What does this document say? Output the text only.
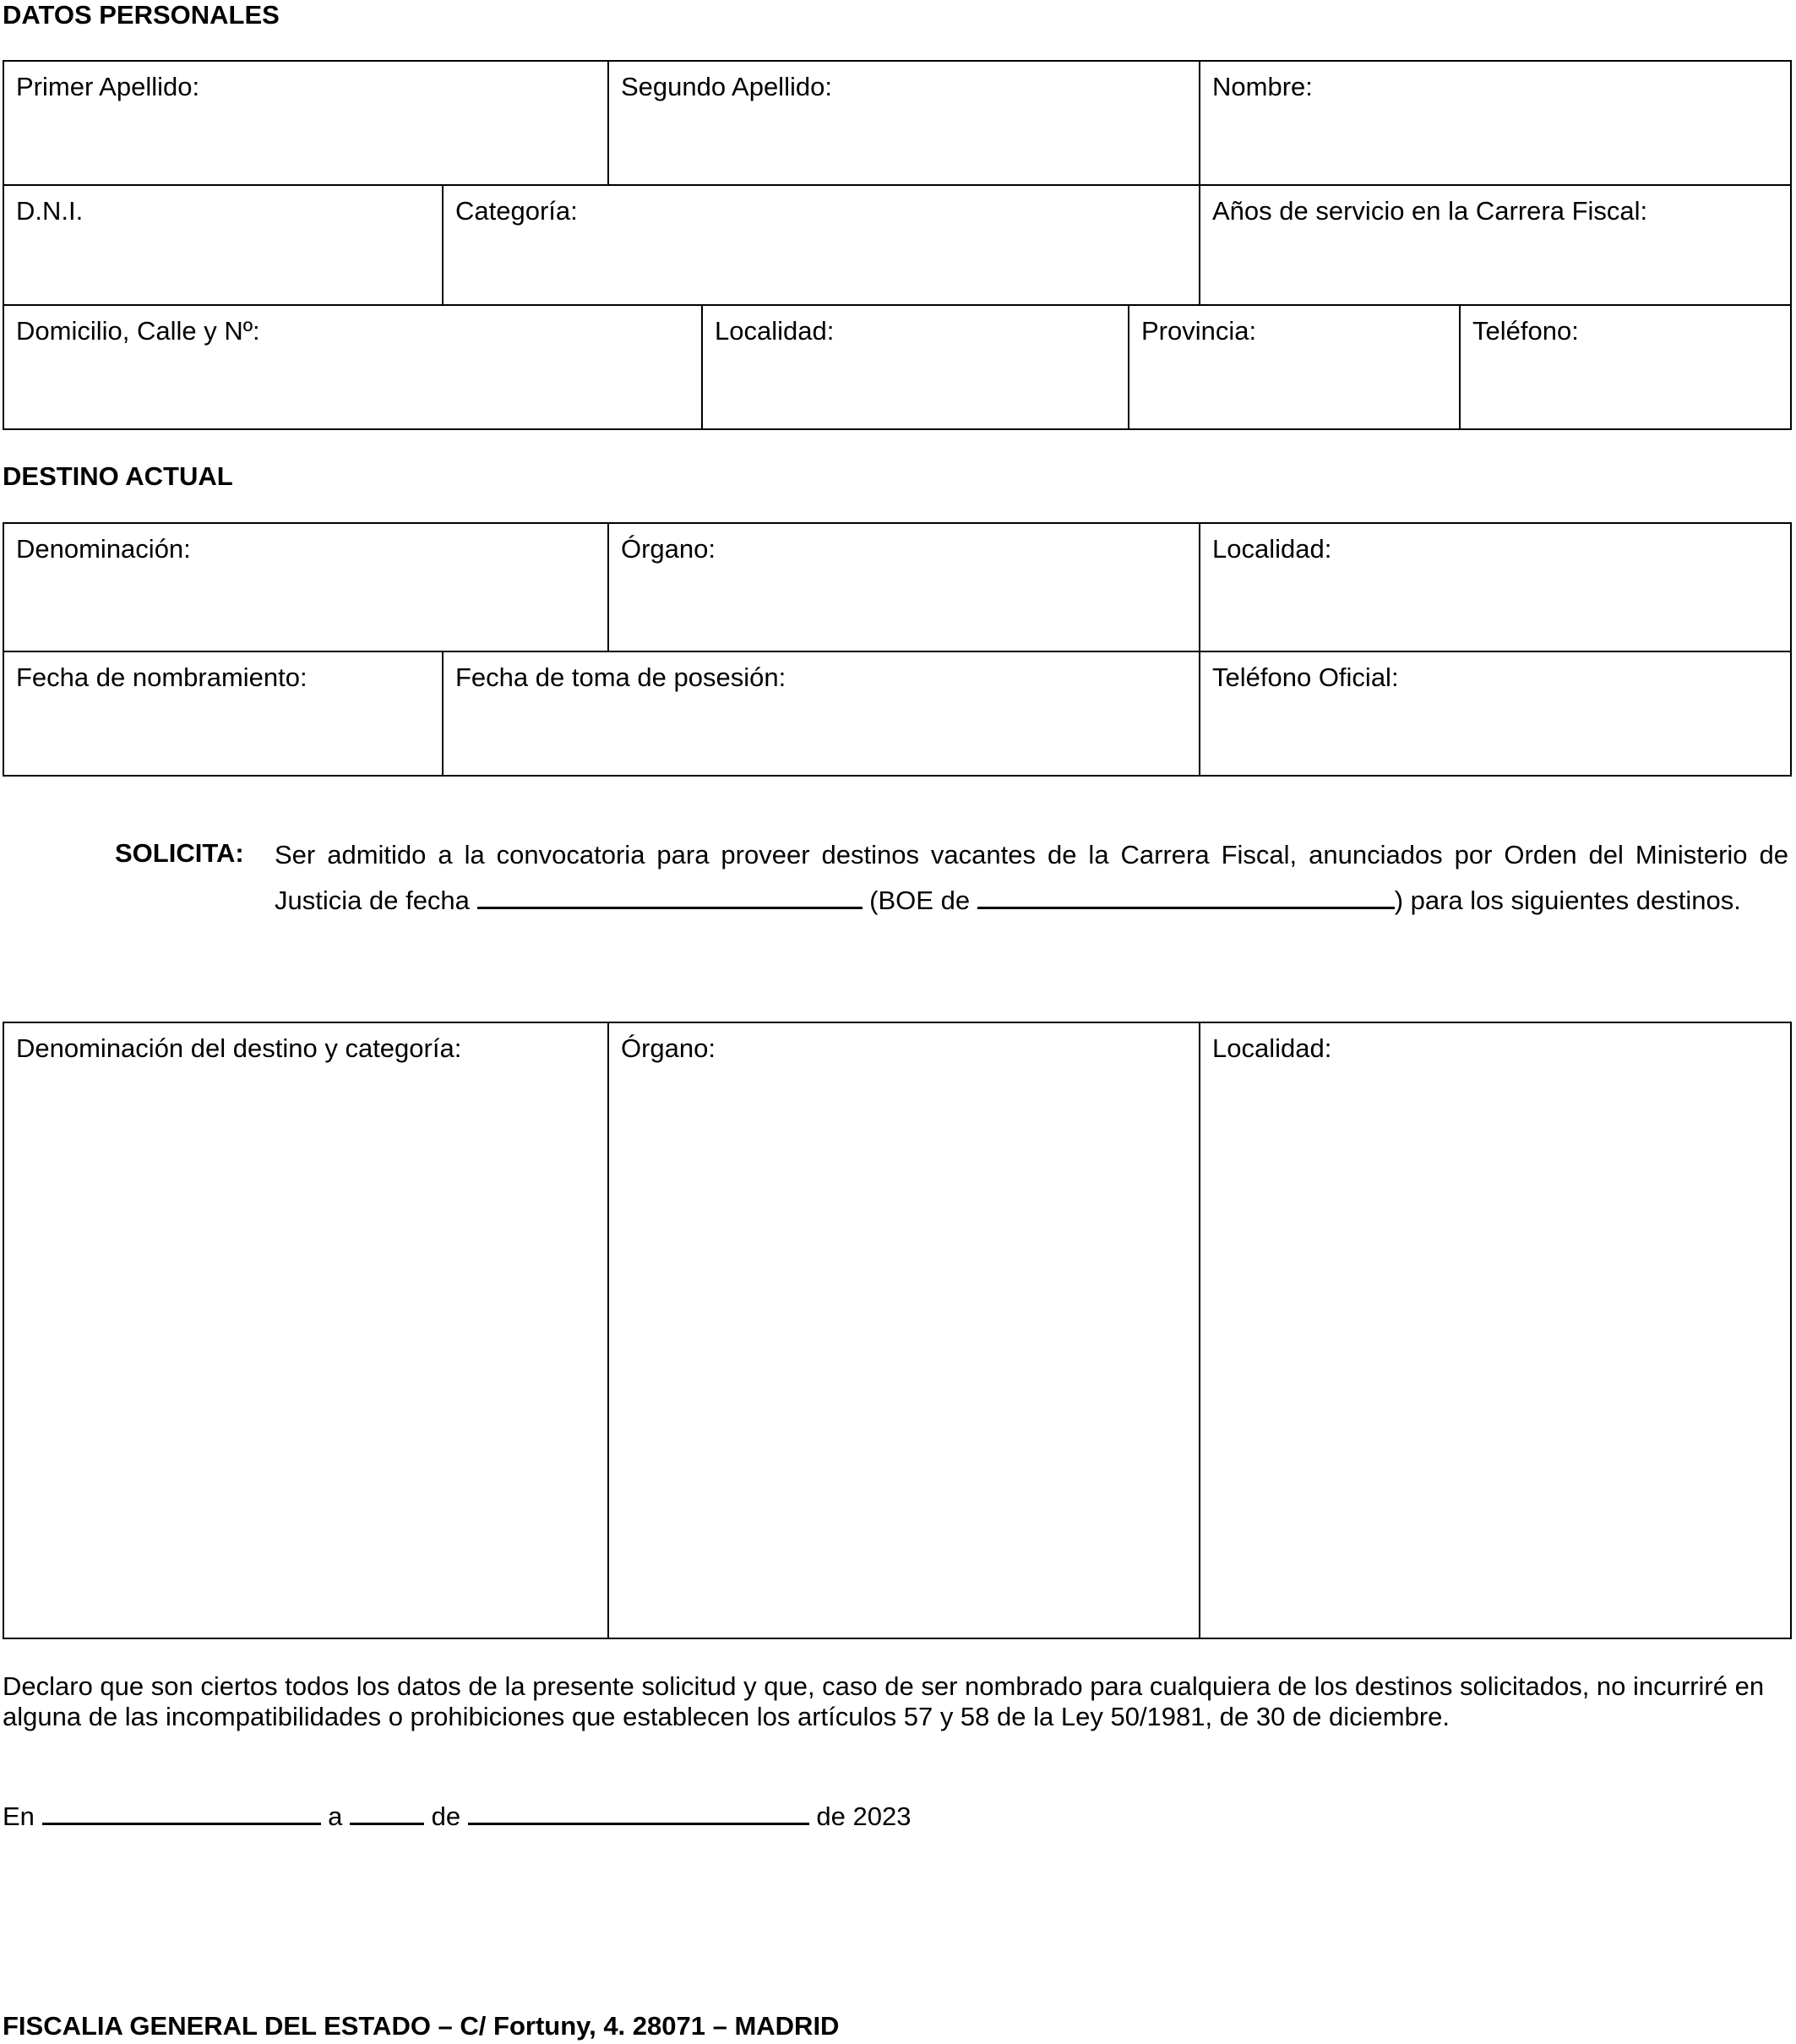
DATOS PERSONALES
Primer Apellido:	Segundo Apellido:	Nombre:
D.N.I.	Categoría:	Años de servicio en la Carrera Fiscal:
Domicilio, Calle y Nº:	Localidad:	Provincia:	Teléfono:
DESTINO ACTUAL
Denominación:	Órgano:	Localidad:
Fecha de nombramiento:	Fecha de toma de posesión:	Teléfono Oficial:
SOLICITA: Ser admitido a la convocatoria para proveer destinos vacantes de la Carrera Fiscal, anunciados por Orden del Ministerio de Justicia de fecha	(BOE de	) para los siguientes destinos.
Denominación del destino y categoría:	Órgano:	Localidad:
Declaro que son ciertos todos los datos de la presente solicitud y que, caso de ser nombrado para cualquiera de los destinos solicitados, no incurriré en alguna de las incompatibilidades o prohibiciones que establecen los artículos 57 y 58 de la Ley 50/1981, de 30 de diciembre.
En	a	de	de 2023
FISCALIA GENERAL DEL ESTADO – C/ Fortuny, 4. 28071 – MADRID
